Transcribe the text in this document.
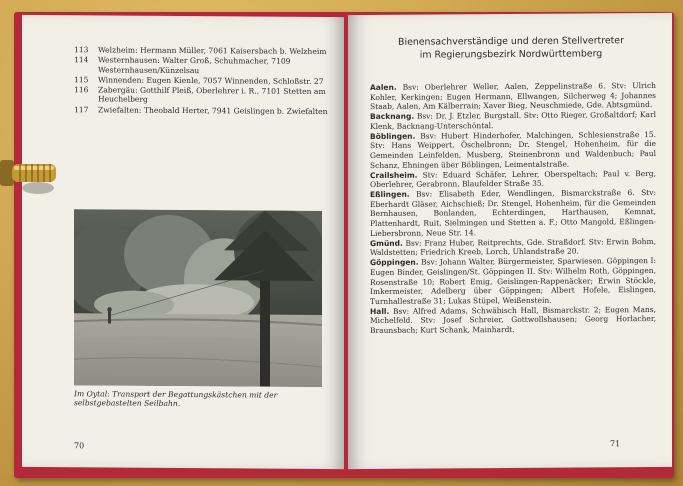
113	Welzheim: Hermann Müller, 7061 Kaisersbach b. Welzheim
114	Westernhausen: Walter Groß, Schuhmacher, 7109 Westernhausen/Künzelsau
115	Winnenden: Eugen Kienle, 7057 Winnenden, Schloßstr. 27
116	Zabergäu: Gotthilf Pleiß, Oberlehrer i. R., 7101 Stetten am Heuchelberg
117	Zwiefalten: Theobald Herter, 7941 Geislingen b. Zwiefalten
Im Oytal: Transport der Begattungskästchen mit der selbstgebastelten Seilbahn.
70
Bienensachverständige und deren Stellvertreter
im Regierungsbezirk Nordwürttemberg
Aalen. Bsv: Oberlehrer Weller, Aalen, Zeppelinstraße 6. Stv: Ulrich Kohler, Kerkingen; Eugen Hermann, Ellwangen, Silcherweg 4; Johannes Staab, Aalen, Am Kälberrain; Xaver Bieg, Neuschmiede, Gde. Abtsgmünd.
Backnang. Bsv: Dr. J. Etzler, Burgstall. Stv: Otto Rieger, Großaltdorf; Karl Klenk, Backnang-Unterschöntal.
Böblingen. Bsv: Hubert Hinderhofer, Malchingen, Schlesienstraße 15. Stv: Hans Weippert, Öschelbronn; Dr. Stengel, Hohenheim, für die Gemeinden Leinfelden, Musberg, Steinenbronn und Waldenbuch; Paul Schanz, Ehningen über Böblingen, Leimentalstraße.
Crailsheim. Stv: Eduard Schäfer, Lehrer, Oberspeltach; Paul v. Berg, Oberlehrer, Gerabronn, Blaufelder Straße 35.
Eßlingen. Bsv: Elisabeth Eder, Wendlingen, Bismarckstraße 6. Stv: Eberhardt Gläser, Aichschieß; Dr. Stengel, Hohenheim, für die Gemeinden Bernhausen, Bonlanden, Echterdingen, Harthausen, Kemnat, Plattenhardt, Ruit, Sielmingen und Stetten a. F.; Otto Mangold, Eßlingen-Liebersbronn, Neue Str. 14.
Gmünd. Bsv: Franz Huber, Reitprechts, Gde. Straßdorf. Stv: Erwin Bohm, Waldstetten; Friedrich Kreeb, Lorch, Uhlandstraße 20.
Göppingen. Bsv: Johann Walter, Bürgermeister, Sparwiesen. Göppingen I: Eugen Binder, Geislingen/St. Göppingen II. Stv: Wilhelm Roth, Göppingen, Rosenstraße 10; Robert Emig, Geislingen-Rappenäcker; Erwin Stöckle, Imkermeister, Adelberg über Göppingen; Albert Hofele, Eislingen, Turnhallestraße 31; Lukas Stüpel, Weißenstein.
Hall. Bsv: Alfred Adams, Schwäbisch Hall, Bismarckstr. 2; Eugen Mans, Michelfeld. Stv: Josef Schreier, Gottwollshausen; Georg Horlacher, Braunsbach; Kurt Schank, Mainhardt.
71
